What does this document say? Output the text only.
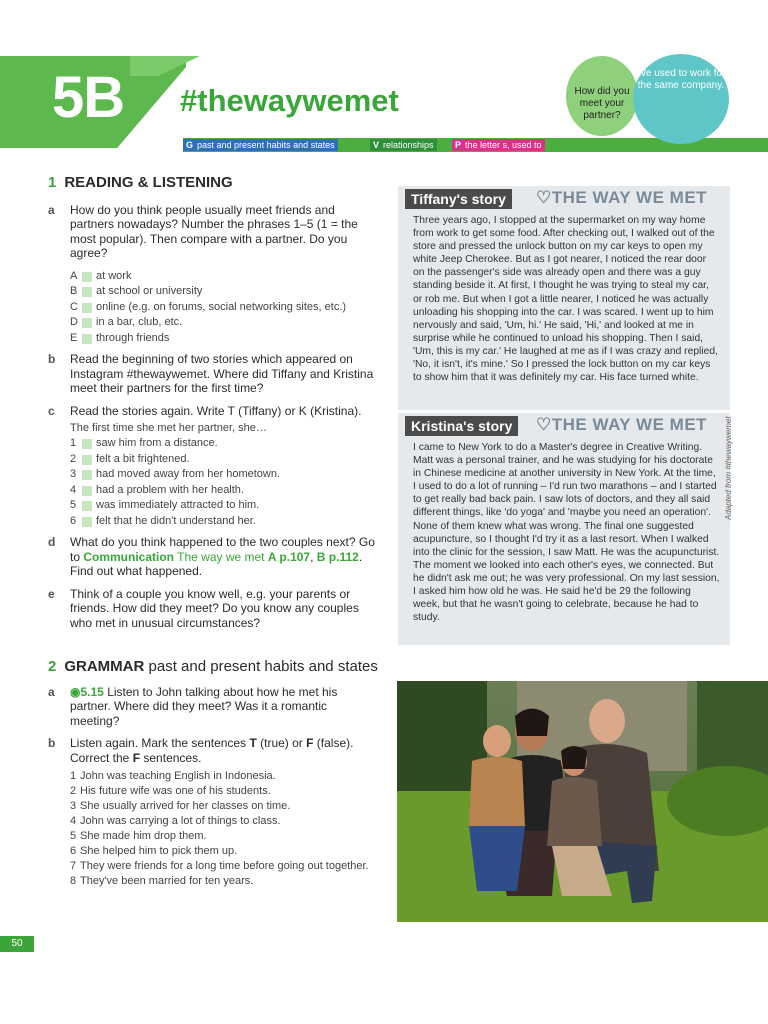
5B #thewaywemet
G past and present habits and states	V relationships	P the letter s, used to
How did you meet your partner?
We used to work for the same company.
1 READING & LISTENING
a How do you think people usually meet friends and partners nowadays? Number the phrases 1–5 (1 = the most popular). Then compare with a partner. Do you agree?
A at work
B at school or university
C online (e.g. on forums, social networking sites, etc.)
D in a bar, club, etc.
E through friends
b Read the beginning of two stories which appeared on Instagram #thewaywemet. Where did Tiffany and Kristina meet their partners for the first time?
c Read the stories again. Write T (Tiffany) or K (Kristina).
The first time she met her partner, she…
1 saw him from a distance.
2 felt a bit frightened.
3 had moved away from her hometown.
4 had a problem with her health.
5 was immediately attracted to him.
6 felt that he didn't understand her.
d What do you think happened to the two couples next? Go to Communication The way we met A p.107, B p.112. Find out what happened.
e Think of a couple you know well, e.g. your parents or friends. How did they meet? Do you know any couples who met in unusual circumstances?
2 GRAMMAR past and present habits and states
a ◉5.15 Listen to John talking about how he met his partner. Where did they meet? Was it a romantic meeting?
b Listen again. Mark the sentences T (true) or F (false). Correct the F sentences.
1 John was teaching English in Indonesia.
2 His future wife was one of his students.
3 She usually arrived for her classes on time.
4 John was carrying a lot of things to class.
5 She made him drop them.
6 She helped him to pick them up.
7 They were friends for a long time before going out together.
8 They've been married for ten years.
Tiffany's story	♡THE WAY WE MET
Three years ago, I stopped at the supermarket on my way home from work to get some food. After checking out, I walked out of the store and pressed the unlock button on my car keys to open my white Jeep Cherokee. But as I got nearer, I noticed the rear door on the passenger's side was already open and there was a guy standing beside it. At first, I thought he was trying to steal my car, or rob me. But when I got a little nearer, I noticed he was actually unloading his shopping into the car. I was scared. I went up to him nervously and said, 'Um, hi.' He said, 'Hi,' and looked at me in surprise while he continued to unload his shopping. Then I said, 'Um, this is my car.' He laughed at me as if I was crazy and replied, 'No, it isn't, it's mine.' So I pressed the lock button on my car keys to show him that it was definitely my car. His face turned white.
Kristina's story	♡THE WAY WE MET
I came to New York to do a Master's degree in Creative Writing. Matt was a personal trainer, and he was studying for his doctorate in Chinese medicine at another university in New York. At the time, I used to do a lot of running – I'd run two marathons – and I started to get really bad back pain. I saw lots of doctors, and they all said different things, like 'do yoga' and 'maybe you need an operation'. None of them knew what was wrong. The final one suggested acupuncture, so I thought I'd try it as a last resort. When I walked into the clinic for the session, I saw Matt. He was the acupuncturist. The moment we looked into each other's eyes, we connected. But he didn't ask me out; he was very professional. On my last session, I asked him how old he was. He said he'd be 29 the following week, but that he wasn't going to celebrate, because he had to study.
Adapted from #thewaywemet
50
